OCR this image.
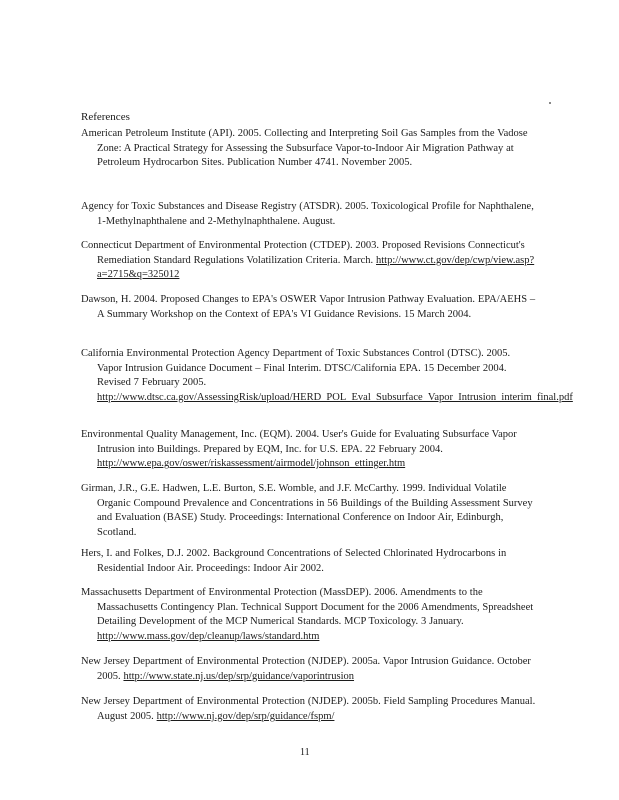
References
American Petroleum Institute (API). 2005. Collecting and Interpreting Soil Gas Samples from the Vadose Zone: A Practical Strategy for Assessing the Subsurface Vapor-to-Indoor Air Migration Pathway at Petroleum Hydrocarbon Sites. Publication Number 4741. November 2005.
Agency for Toxic Substances and Disease Registry (ATSDR). 2005. Toxicological Profile for Naphthalene, 1-Methylnaphthalene and 2-Methylnaphthalene. August.
Connecticut Department of Environmental Protection (CTDEP). 2003. Proposed Revisions Connecticut's Remediation Standard Regulations Volatilization Criteria. March. http://www.ct.gov/dep/cwp/view.asp?a=2715&q=325012
Dawson, H. 2004. Proposed Changes to EPA's OSWER Vapor Intrusion Pathway Evaluation. EPA/AEHS – A Summary Workshop on the Context of EPA's VI Guidance Revisions. 15 March 2004.
California Environmental Protection Agency Department of Toxic Substances Control (DTSC). 2005. Vapor Intrusion Guidance Document – Final Interim. DTSC/California EPA. 15 December 2004. Revised 7 February 2005. http://www.dtsc.ca.gov/AssessingRisk/upload/HERD_POL_Eval_Subsurface_Vapor_Intrusion_interim_final.pdf
Environmental Quality Management, Inc. (EQM). 2004. User's Guide for Evaluating Subsurface Vapor Intrusion into Buildings. Prepared by EQM, Inc. for U.S. EPA. 22 February 2004. http://www.epa.gov/oswer/riskassessment/airmodel/johnson_ettinger.htm
Girman, J.R., G.E. Hadwen, L.E. Burton, S.E. Womble, and J.F. McCarthy. 1999. Individual Volatile Organic Compound Prevalence and Concentrations in 56 Buildings of the Building Assessment Survey and Evaluation (BASE) Study. Proceedings: International Conference on Indoor Air, Edinburgh, Scotland.
Hers, I. and Folkes, D.J. 2002. Background Concentrations of Selected Chlorinated Hydrocarbons in Residential Indoor Air. Proceedings: Indoor Air 2002.
Massachusetts Department of Environmental Protection (MassDEP). 2006. Amendments to the Massachusetts Contingency Plan. Technical Support Document for the 2006 Amendments, Spreadsheet Detailing Development of the MCP Numerical Standards. MCP Toxicology. 3 January. http://www.mass.gov/dep/cleanup/laws/standard.htm
New Jersey Department of Environmental Protection (NJDEP). 2005a. Vapor Intrusion Guidance. October 2005. http://www.state.nj.us/dep/srp/guidance/vaporintrusion
New Jersey Department of Environmental Protection (NJDEP). 2005b. Field Sampling Procedures Manual. August 2005. http://www.nj.gov/dep/srp/guidance/fspm/
11
